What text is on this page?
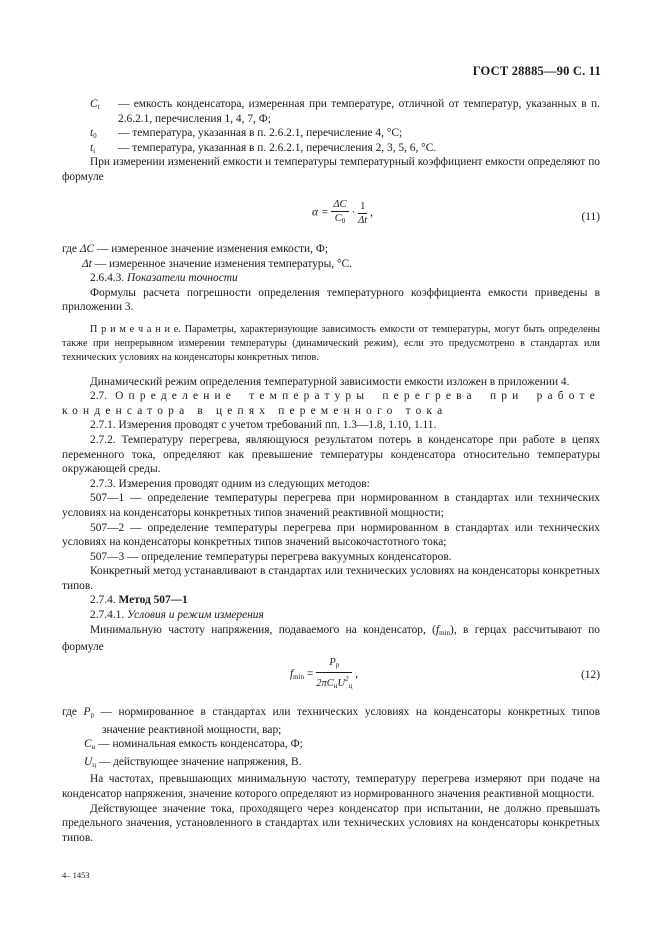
ГОСТ 28885—90 С. 11

$C_t$ — емкость конденсатора, измеренная при температуре, отличной от температур, указанных в п. 2.6.2.1, перечисления 1, 4, 7, Ф;

$t_0$ — температура, указанная в п. 2.6.2.1, перечисление 4, °С;

$t_i$ — температура, указанная в п. 2.6.2.1, перечисления 2, 3, 5, 6, °С.

При измерении изменений емкости и температуры температурный коэффициент емкости определяют по формуле

$\alpha = \frac{\Delta C}{C_0} \cdot \frac{1}{\Delta t}$ ,	(11)

где ΔC — измеренное значение изменения емкости, Ф;

Δt — измеренное значение изменения температуры, °С.

2.6.4.3. Показатели точности

Формулы расчета погрешности определения температурного коэффициента емкости приведены в приложении 3.

П р и м е ч а н и е. Параметры, характеризующие зависимость емкости от температуры, могут быть определены также при непрерывном измерении температуры (динамический режим), если это предусмотрено в стандартах или технических условиях на конденсаторы конкретных типов.

Динамический режим определения температурной зависимости емкости изложен в приложении 4.

2.7. Определение температуры перегрева при работе конденсатора в цепях переменного тока

2.7.1. Измерения проводят с учетом требований пп. 1.3—1.8, 1.10, 1.11.

2.7.2. Температуру перегрева, являющуюся результатом потерь в конденсаторе при работе в цепях переменного тока, определяют как превышение температуры конденсатора относительно температуры окружающей среды.

2.7.3. Измерения проводят одним из следующих методов:

507—1 — определение температуры перегрева при нормированном в стандартах или технических условиях на конденсаторы конкретных типов значений реактивной мощности;

507—2 — определение температуры перегрева при нормированном в стандартах или технических условиях на конденсаторы конкретных типов значений высокочастотного тока;

507—3 — определение температуры перегрева вакуумных конденсаторов.

Конкретный метод устанавливают в стандартах или технических условиях на конденсаторы конкретных типов.

2.7.4. Метод 507—1

2.7.4.1. Условия и режим измерения

Минимальную частоту напряжения, подаваемого на конденсатор, $(f_{min})$, в герцах рассчитывают по формуле

$f_{min} = \frac{P_p}{2\pi C_нU^2_ц}$ ,	(12)

где $P_р$ — нормированное в стандартах или технических условиях на конденсаторы конкретных типов значение реактивной мощности, вар;

$C_н$ — номинальная емкость конденсатора, Ф;

$U_ц$ — действующее значение напряжения, В.

На частотах, превышающих минимальную частоту, температуру перегрева измеряют при подаче на конденсатор напряжения, значение которого определяют из нормированного значения реактивной мощности.

Действующее значение тока, проходящего через конденсатор при испытании, не должно превышать предельного значения, установленного в стандартах или технических условиях на конденсаторы конкретных типов.

4– 1453
